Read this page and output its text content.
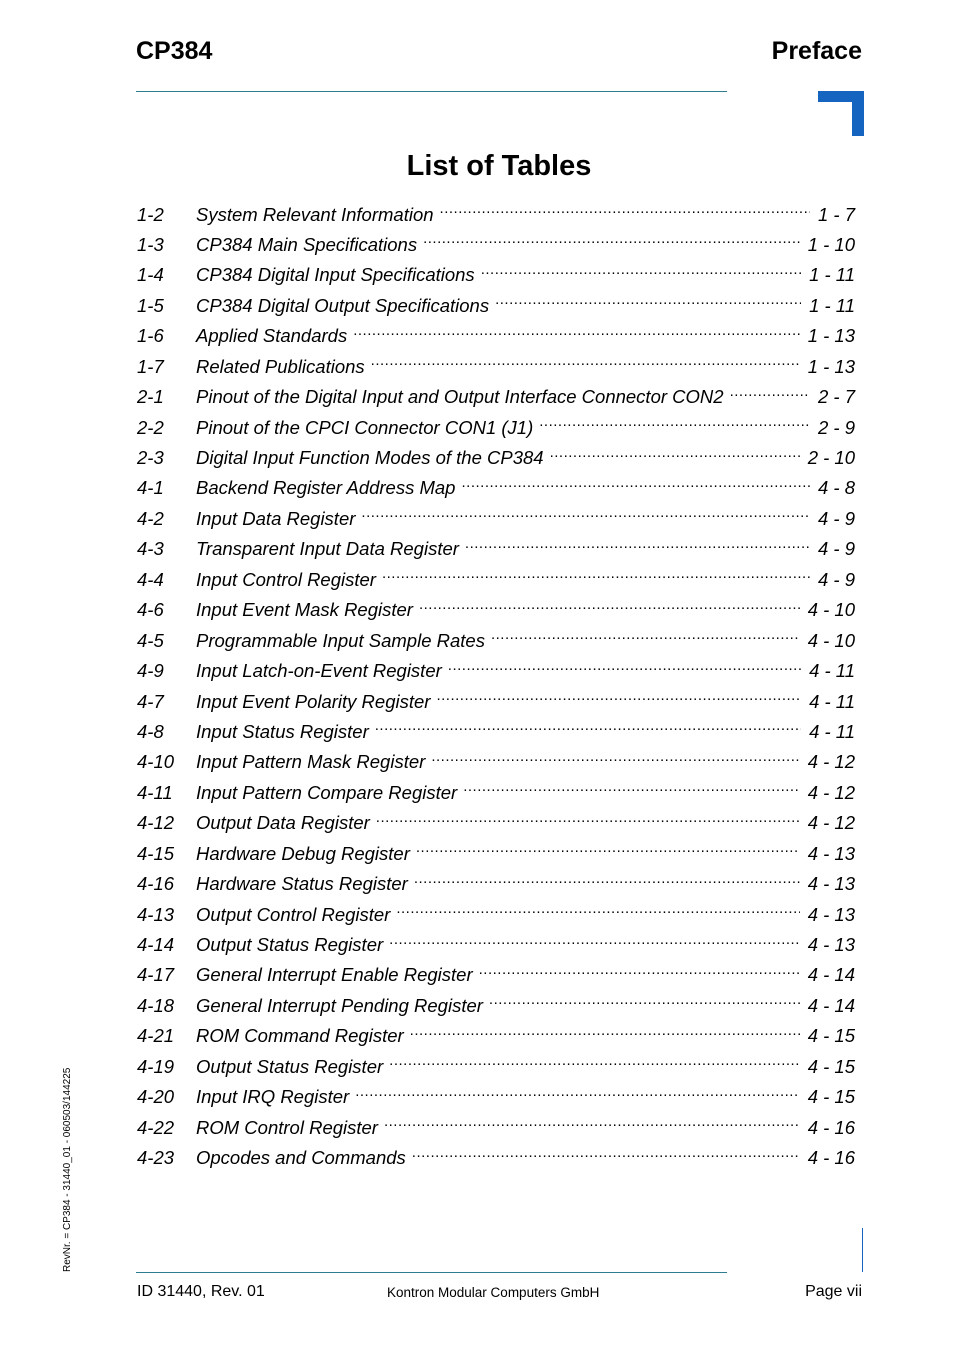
CP384	Preface
List of Tables
1-2	System Relevant Information .....	1 - 7
1-3	CP384 Main Specifications .....	1 - 10
1-4	CP384 Digital Input Specifications .....	1 - 11
1-5	CP384 Digital Output Specifications .....	1 - 11
1-6	Applied Standards .....	1 - 13
1-7	Related Publications .....	1 - 13
2-1	Pinout of the Digital Input and Output Interface Connector CON2 .....	2 - 7
2-2	Pinout of the CPCI Connector CON1 (J1) .....	2 - 9
2-3	Digital Input Function Modes of the CP384 .....	2 - 10
4-1	Backend Register Address Map .....	4 - 8
4-2	Input Data Register .....	4 - 9
4-3	Transparent Input Data Register .....	4 - 9
4-4	Input Control Register .....	4 - 9
4-6	Input Event Mask Register .....	4 - 10
4-5	Programmable Input Sample Rates .....	4 - 10
4-9	Input Latch-on-Event Register .....	4 - 11
4-7	Input Event Polarity Register .....	4 - 11
4-8	Input Status Register .....	4 - 11
4-10	Input Pattern Mask Register .....	4 - 12
4-11	Input Pattern Compare Register .....	4 - 12
4-12	Output Data Register .....	4 - 12
4-15	Hardware Debug Register .....	4 - 13
4-16	Hardware Status Register .....	4 - 13
4-13	Output Control Register .....	4 - 13
4-14	Output Status Register .....	4 - 13
4-17	General Interrupt Enable Register .....	4 - 14
4-18	General Interrupt Pending Register .....	4 - 14
4-21	ROM Command Register .....	4 - 15
4-19	Output Status Register .....	4 - 15
4-20	Input IRQ Register .....	4 - 15
4-22	ROM Control Register .....	4 - 16
4-23	Opcodes and Commands .....	4 - 16
RevNr. = CP384 - 31440_01 - 060503/144225
ID 31440, Rev. 01	Kontron Modular Computers GmbH	Page vii
